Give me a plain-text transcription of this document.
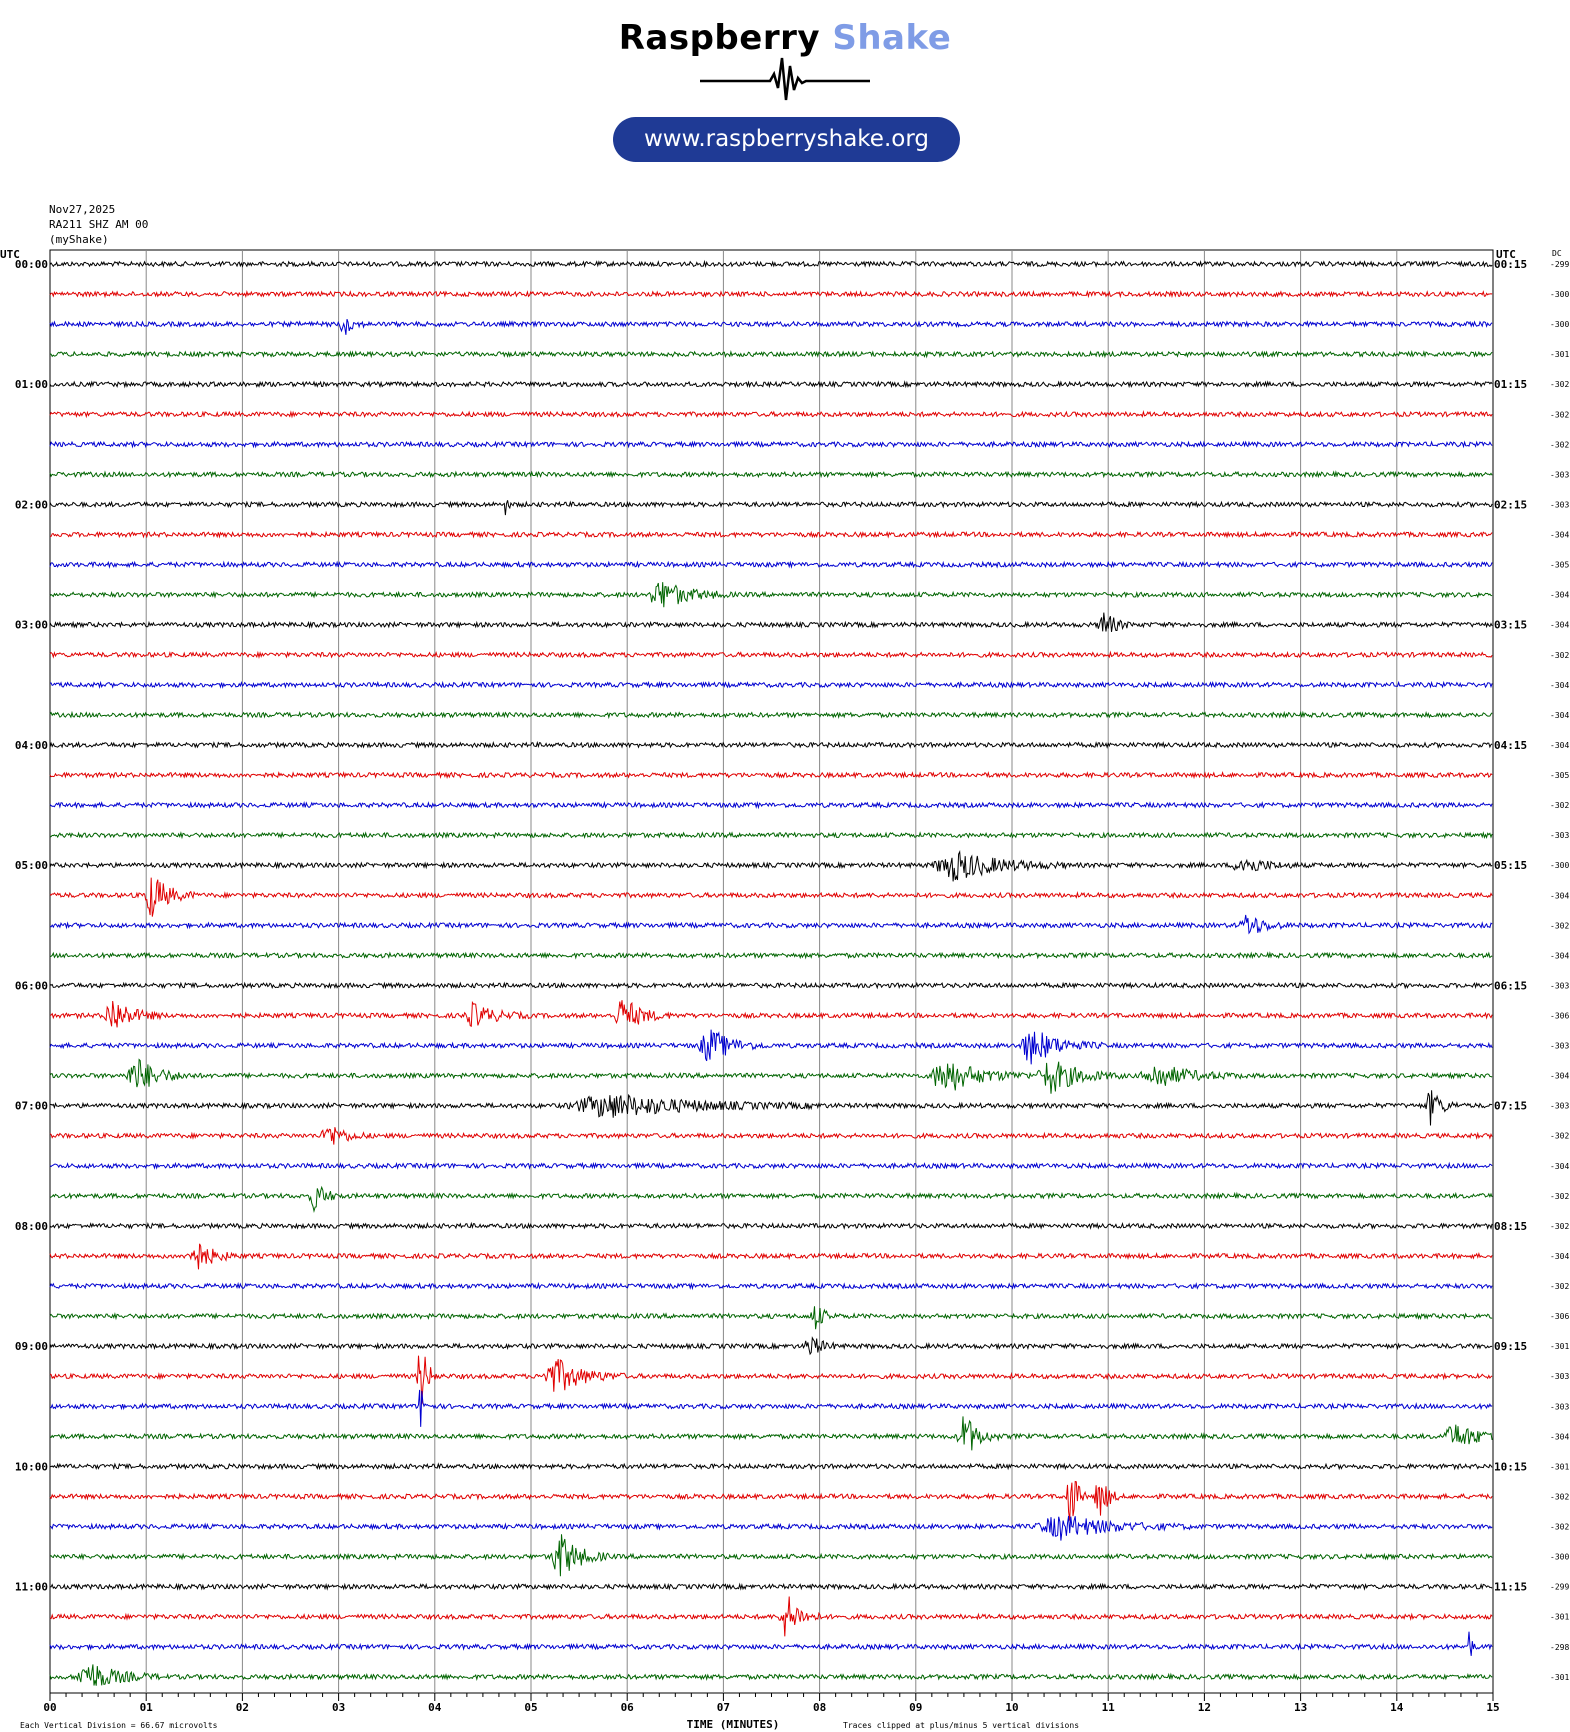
Raspberry Shake
www.raspberryshake.org
Nov27,2025
RA211 SHZ AM 00
(myShake)
-299
-300
-300
-301
-302
-302
-302
-303
-303
-304
-305
-304
-304
-302
-304
-304
-304
-305
-302
-303
-300
-304
-302
-304
-303
-306
-303
-304
-303
-302
-304
-302
-302
-304
-302
-306
-301
-303
-303
-304
-301
-302
-302
-300
-299
-301
-298
-301
UTC	UTC	DC
00:00
01:00
02:00
03:00
04:00
05:00
06:00
07:00
08:00
09:00
10:00
11:00
00:15
01:15
02:15
03:15
04:15
05:15
06:15
07:15
08:15
09:15
10:15
11:15
00	01	02	03	04	05	06	07	08	09	10	11	12	13	14	15
TIME (MINUTES)
Each Vertical Division = 66.67 microvolts	Traces clipped at plus/minus 5 vertical divisions
